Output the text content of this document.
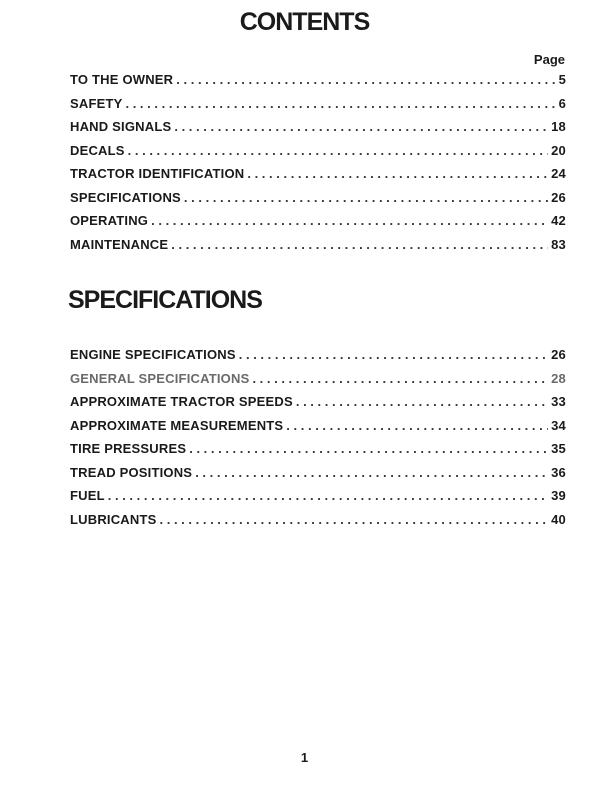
CONTENTS
Page
TO THE OWNER . . .	5
SAFETY . . .	6
HAND SIGNALS . . .	18
DECALS . . .	20
TRACTOR IDENTIFICATION . . .	24
SPECIFICATIONS . . .	26
OPERATING . . .	42
MAINTENANCE . . .	83
SPECIFICATIONS
ENGINE SPECIFICATIONS . . .	26
GENERAL SPECIFICATIONS . . .	28
APPROXIMATE TRACTOR SPEEDS . . .	33
APPROXIMATE MEASUREMENTS . . .	34
TIRE PRESSURES . . .	35
TREAD POSITIONS . . .	36
FUEL . . .	39
LUBRICANTS . . .	40
1
